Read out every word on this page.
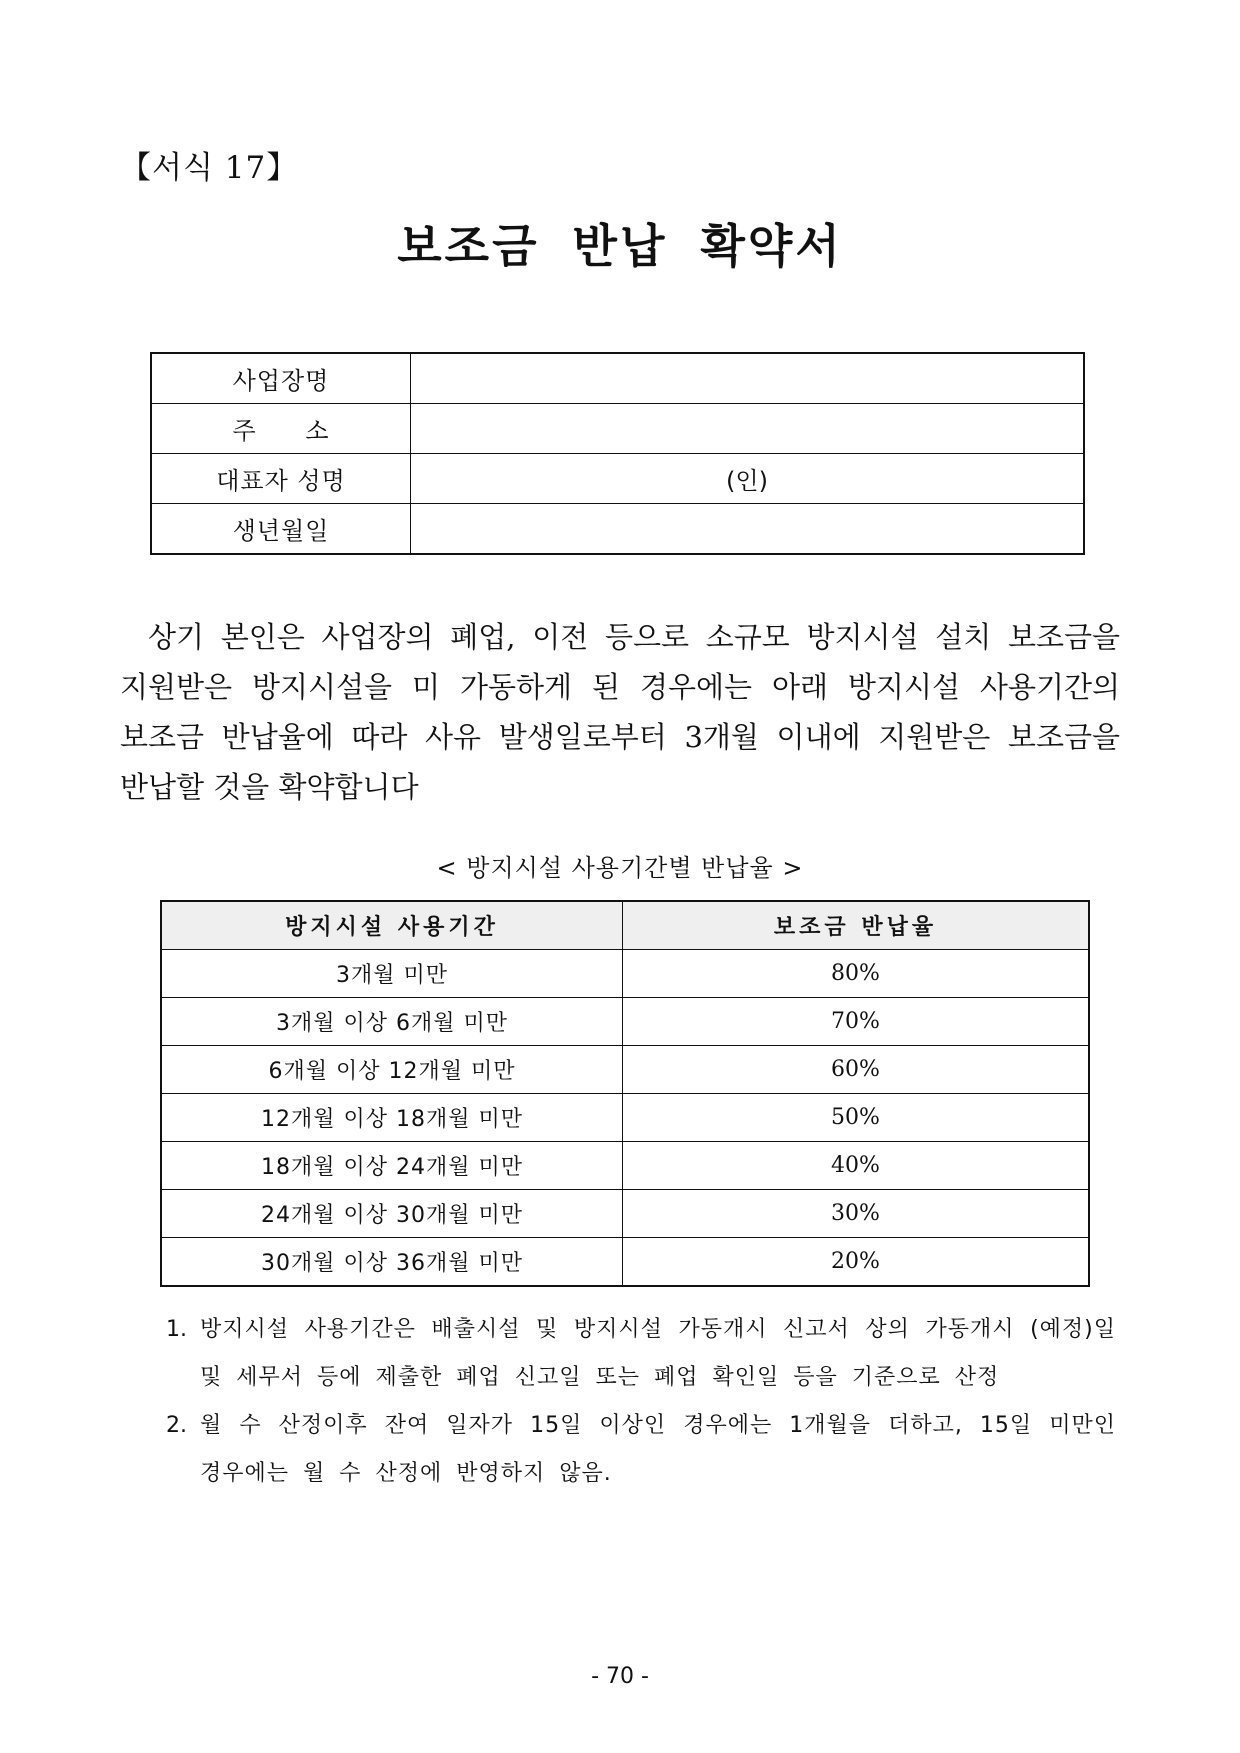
【서식 17】
보조금 반납 확약서
사업장명	
주 소	
대표자 성명	(인)
생년월일	
상기 본인은 사업장의 폐업, 이전 등으로 소규모 방지시설 설치 보조금을
지원받은 방지시설을 미 가동하게 된 경우에는 아래 방지시설 사용기간의
보조금 반납율에 따라 사유 발생일로부터 3개월 이내에 지원받은 보조금을
반납할 것을 확약합니다
< 방지시설 사용기간별 반납율 >
방지시설 사용기간	보조금 반납율
3개월 미만	80%
3개월 이상 6개월 미만	70%
6개월 이상 12개월 미만	60%
12개월 이상 18개월 미만	50%
18개월 이상 24개월 미만	40%
24개월 이상 30개월 미만	30%
30개월 이상 36개월 미만	20%
1. 방지시설 사용기간은 배출시설 및 방지시설 가동개시 신고서 상의 가동개시 (예정)일 및 세무서 등에 제출한 폐업 신고일 또는 폐업 확인일 등을 기준으로 산정
2. 월 수 산정이후 잔여 일자가 15일 이상인 경우에는 1개월을 더하고, 15일 미만인 경우에는 월 수 산정에 반영하지 않음.
- 70 -
